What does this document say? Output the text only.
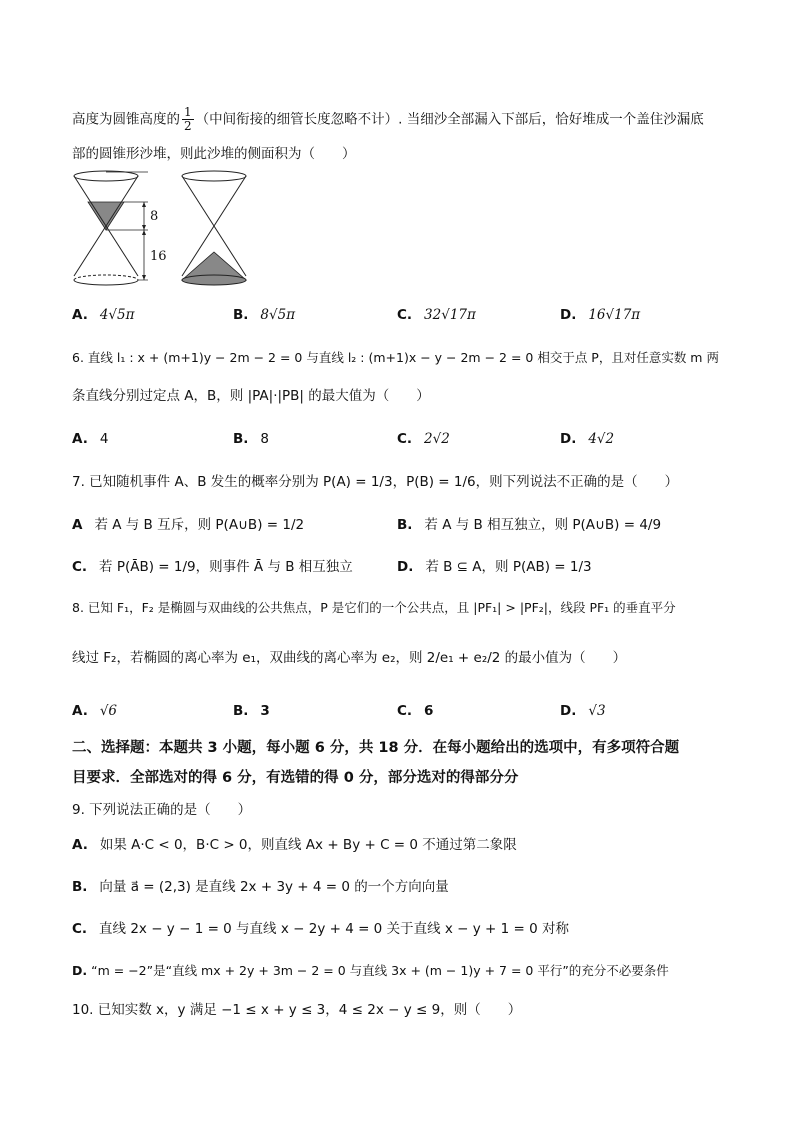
高度为圆锥高度的 $\frac{1}{2}$ （中间衔接的细管长度忽略不计）. 当细沙全部漏入下部后，恰好堆成一个盖住沙漏底
部的圆锥形沙堆，则此沙堆的侧面积为（　　）
8
16
A. 4√5π	B. 8√5π	C. 32√17π	D. 16√17π
6. 直线 l₁ : x + (m+1)y − 2m − 2 = 0 与直线 l₂ : (m+1)x − y − 2m − 2 = 0 相交于点 P，且对任意实数 m 两
条直线分别过定点 A，B，则 |PA|·|PB| 的最大值为（　　）
A. 4	B. 8	C. 2√2	D. 4√2
7. 已知随机事件 A、B 发生的概率分别为 P(A) = 1/3，P(B) = 1/6，则下列说法不正确的是（　　）
A 若 A 与 B 互斥，则 P(A∪B) = 1/2	B. 若 A 与 B 相互独立，则 P(A∪B) = 4/9
C. 若 P(ĀB) = 1/9，则事件 Ā 与 B 相互独立	D. 若 B ⊆ A，则 P(AB) = 1/3
8. 已知 F₁，F₂ 是椭圆与双曲线的公共焦点，P 是它们的一个公共点，且 |PF₁| > |PF₂|，线段 PF₁ 的垂直平分
线过 F₂，若椭圆的离心率为 e₁，双曲线的离心率为 e₂，则 2/e₁ + e₂/2 的最小值为（　　）
A. √6	B. 3	C. 6	D. √3
二、选择题：本题共 3 小题，每小题 6 分，共 18 分．在每小题给出的选项中，有多项符合题
目要求．全部选对的得 6 分，有选错的得 0 分，部分选对的得部分分
9. 下列说法正确的是（　　）
A. 如果 A·C < 0，B·C > 0，则直线 Ax + By + C = 0 不通过第二象限
B. 向量 a⃗ = (2,3) 是直线 2x + 3y + 4 = 0 的一个方向向量
C. 直线 2x − y − 1 = 0 与直线 x − 2y + 4 = 0 关于直线 x − y + 1 = 0 对称
D. “m = −2”是“直线 mx + 2y + 3m − 2 = 0 与直线 3x + (m − 1)y + 7 = 0 平行”的充分不必要条件
10. 已知实数 x，y 满足 −1 ≤ x + y ≤ 3，4 ≤ 2x − y ≤ 9，则（　　）
